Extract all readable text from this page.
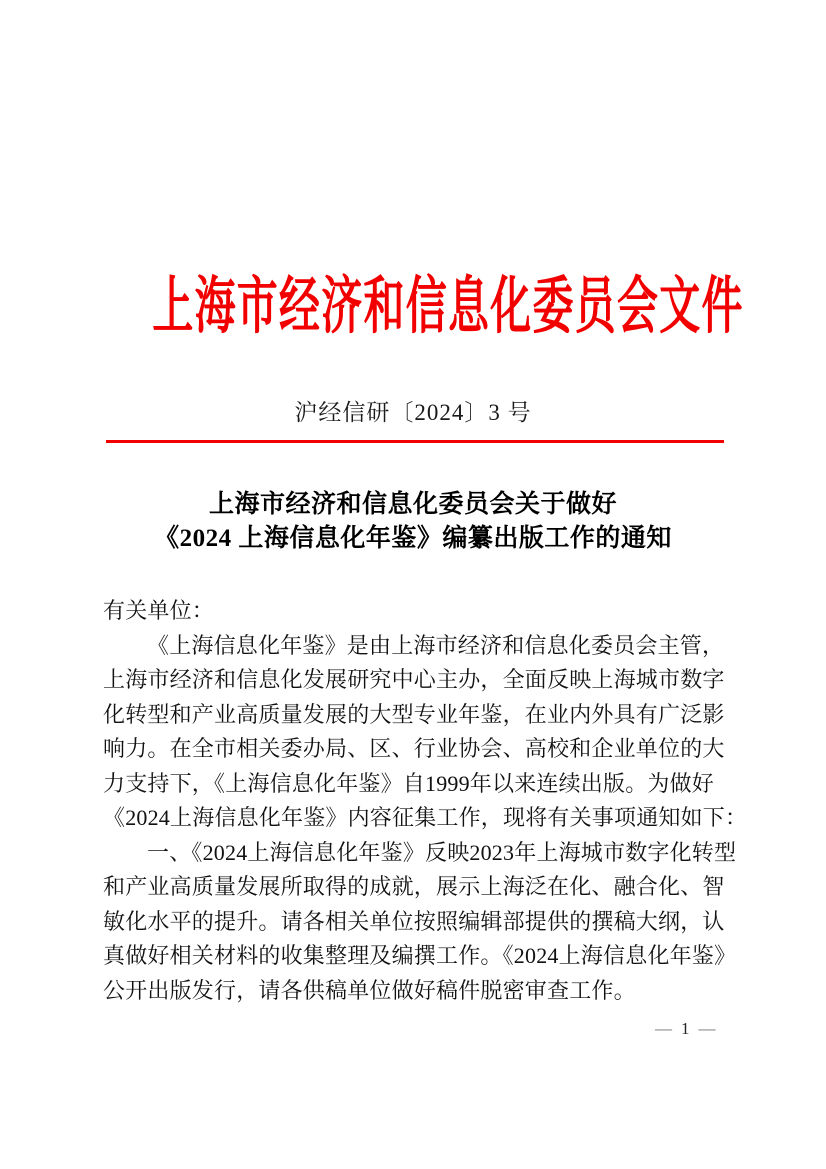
上海市经济和信息化委员会文件
沪经信研〔2024〕3 号
上海市经济和信息化委员会关于做好
《2024 上海信息化年鉴》编纂出版工作的通知
有关单位：
《上海信息化年鉴》是由上海市经济和信息化委员会主管，
上海市经济和信息化发展研究中心主办，全面反映上海城市数字
化转型和产业高质量发展的大型专业年鉴，在业内外具有广泛影
响力。在全市相关委办局、区、行业协会、高校和企业单位的大
力支持下，《上海信息化年鉴》自1999年以来连续出版。为做好
《2024上海信息化年鉴》内容征集工作，现将有关事项通知如下：
一、《2024上海信息化年鉴》反映2023年上海城市数字化转型
和产业高质量发展所取得的成就，展示上海泛在化、融合化、智
敏化水平的提升。请各相关单位按照编辑部提供的撰稿大纲，认
真做好相关材料的收集整理及编撰工作。《2024上海信息化年鉴》
公开出版发行，请各供稿单位做好稿件脱密审查工作。
— 1 —
